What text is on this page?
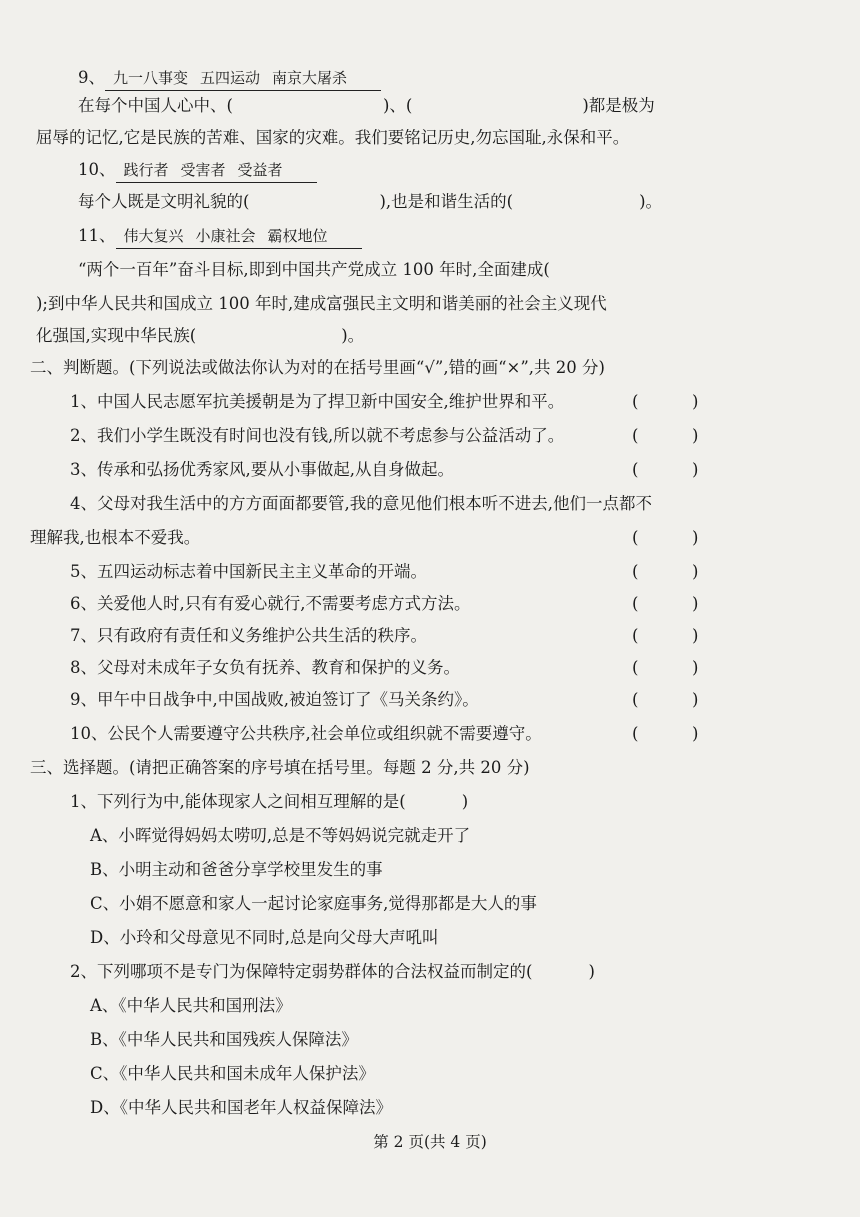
9、 九一八事变 五四运动 南京大屠杀
在每个中国人心中、(	)、(	)都是极为
屈辱的记忆,它是民族的苦难、国家的灾难。我们要铭记历史,勿忘国耻,永保和平。
10、 践行者 受害者 受益者
每个人既是文明礼貌的(	),也是和谐生活的(	)。
11、 伟大复兴 小康社会 霸权地位
“两个一百年”奋斗目标,即到中国共产党成立 100 年时,全面建成(
);到中华人民共和国成立 100 年时,建成富强民主文明和谐美丽的社会主义现代
化强国,实现中华民族(	)。
二、判断题。(下列说法或做法你认为对的在括号里画“√”,错的画“×”,共 20 分)
1、中国人民志愿军抗美援朝是为了捍卫新中国安全,维护世界和平。	(	)
2、我们小学生既没有时间也没有钱,所以就不考虑参与公益活动了。	(	)
3、传承和弘扬优秀家风,要从小事做起,从自身做起。	(	)
4、父母对我生活中的方方面面都要管,我的意见他们根本听不进去,他们一点都不
理解我,也根本不爱我。	(	)
5、五四运动标志着中国新民主主义革命的开端。	(	)
6、关爱他人时,只有有爱心就行,不需要考虑方式方法。	(	)
7、只有政府有责任和义务维护公共生活的秩序。	(	)
8、父母对未成年子女负有抚养、教育和保护的义务。	(	)
9、甲午中日战争中,中国战败,被迫签订了《马关条约》。	(	)
10、公民个人需要遵守公共秩序,社会单位或组织就不需要遵守。	(	)
三、选择题。(请把正确答案的序号填在括号里。每题 2 分,共 20 分)
1、下列行为中,能体现家人之间相互理解的是(	)
A、小晖觉得妈妈太唠叨,总是不等妈妈说完就走开了
B、小明主动和爸爸分享学校里发生的事
C、小娟不愿意和家人一起讨论家庭事务,觉得那都是大人的事
D、小玲和父母意见不同时,总是向父母大声吼叫
2、下列哪项不是专门为保障特定弱势群体的合法权益而制定的(	)
A、《中华人民共和国刑法》
B、《中华人民共和国残疾人保障法》
C、《中华人民共和国未成年人保护法》
D、《中华人民共和国老年人权益保障法》
第 2 页(共 4 页)
